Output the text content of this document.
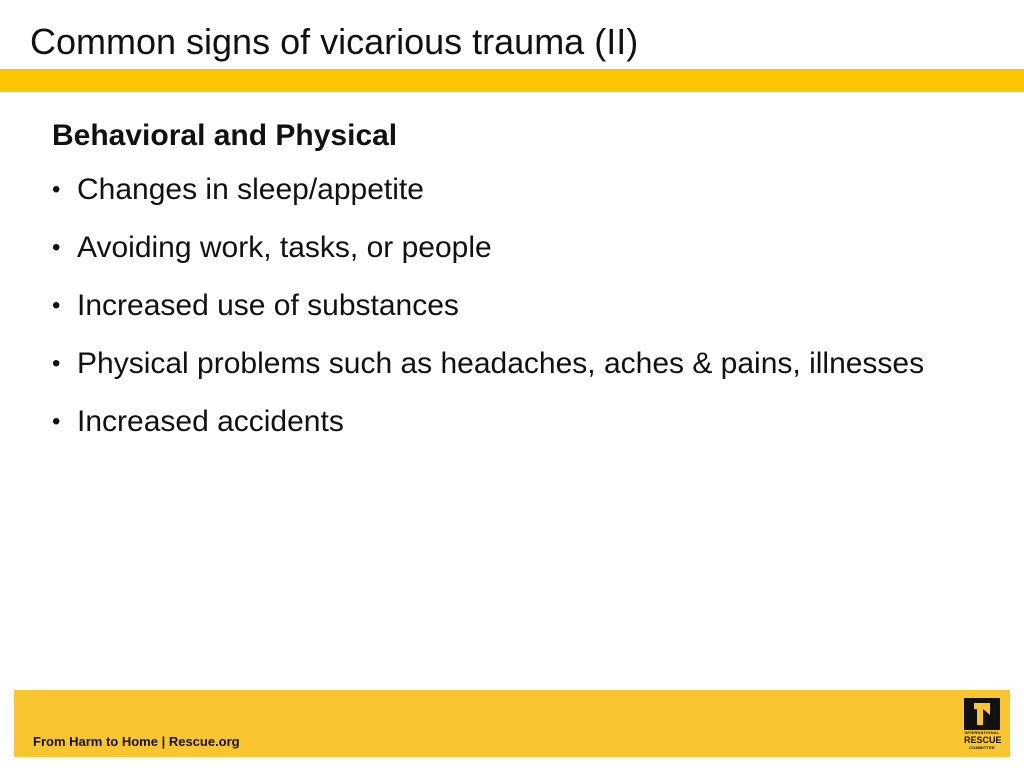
Common signs of vicarious trauma (II)
Behavioral and Physical
• Changes in sleep/appetite
• Avoiding work, tasks, or people
• Increased use of substances
• Physical problems such as headaches, aches & pains, illnesses
• Increased accidents
From Harm to Home | Rescue.org
INTERNATIONAL
RESCUE
COMMITTEE
